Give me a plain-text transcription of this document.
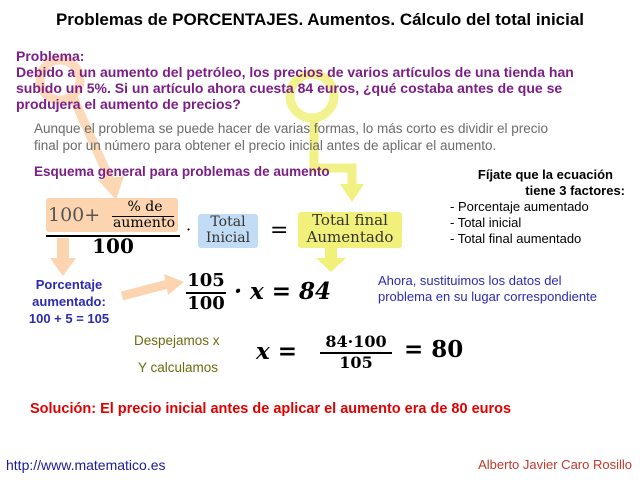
Problemas de PORCENTAJES. Aumentos. Cálculo del total inicial
Problema:
Debido a un aumento del petróleo, los precios de varios artículos de una tienda han
subido un 5%. Si un artículo ahora cuesta 84 euros, ¿qué costaba antes de que se
produjera el aumento de precios?
Aunque el problema se puede hacer de varias formas, lo más corto es dividir el precio
final por un número para obtener el precio inicial antes de aplicar el aumento.
Esquema general para problemas de aumento
100+	% de
aumento
100
·	Total
Inicial =	Total final
Aumentado
Fíjate que la ecuación
tiene 3 factores:
- Porcentaje aumentado
- Total inicial
- Total final aumentado
Porcentaje
aumentado:
100 + 5 = 105
105
100 · x = 84	Ahora, sustituimos los datos del
problema en su lugar correspondiente
Despejamos x
Y calculamos
x =	84·100
105	= 80
Solución: El precio inicial antes de aplicar el aumento era de 80 euros
http://www.matematico.es	Alberto Javier Caro Rosillo
